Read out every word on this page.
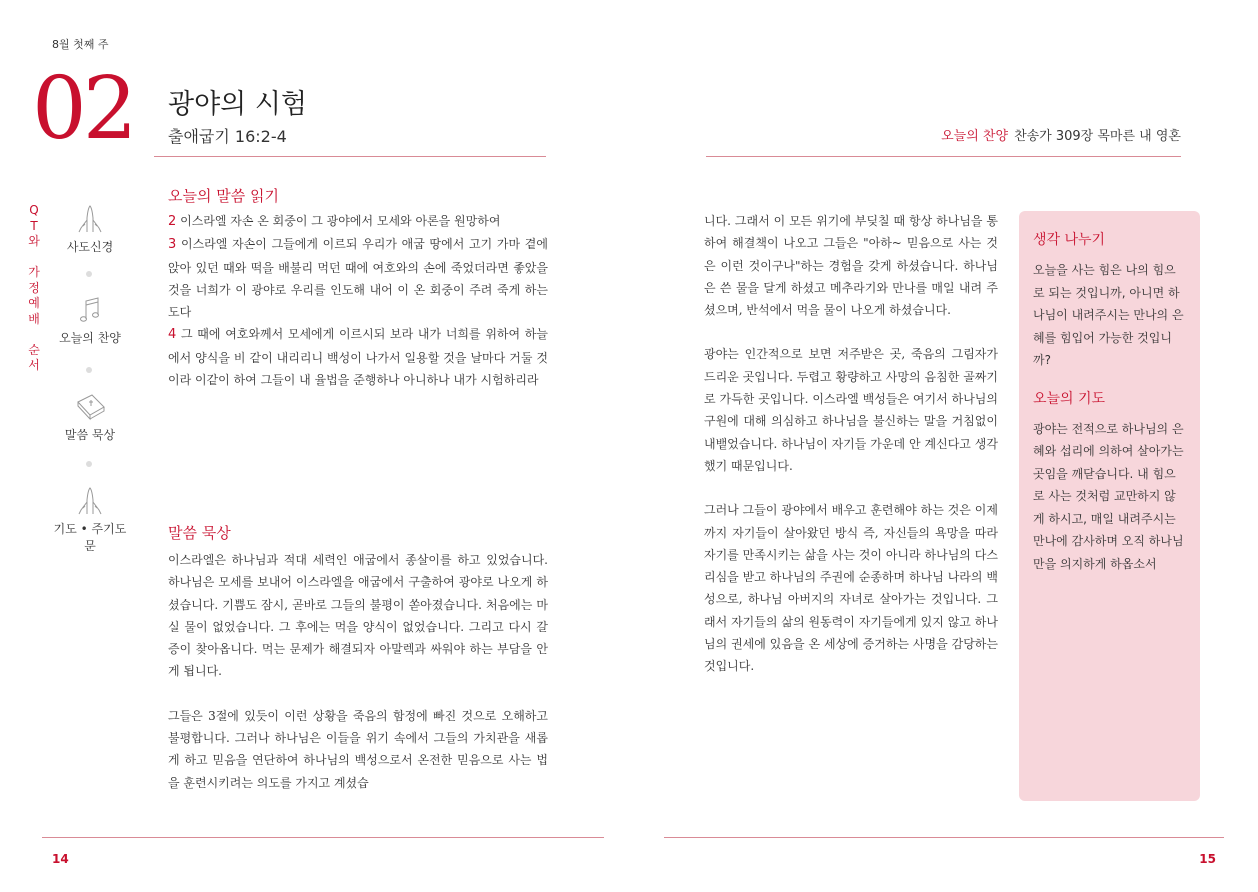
8월 첫째 주
02 광야의 시험
출애굽기 16:2-4	오늘의 찬양 찬송가 309장 목마른 내 영혼
Q
T
와
가
정
예
배
순
서
사도신경
오늘의 찬양
말씀 묵상
기도 • 주기도문
오늘의 말씀 읽기

2 이스라엘 자손 온 회중이 그 광야에서 모세와 아론을 원망하여

3 이스라엘 자손이 그들에게 이르되 우리가 애굽 땅에서 고기 가마 곁에 앉아 있던 때와 떡을 배불리 먹던 때에 여호와의 손에 죽었더라면 좋았을 것을 너희가 이 광야로 우리를 인도해 내어 이 온 회중이 주려 죽게 하는도다

4 그 때에 여호와께서 모세에게 이르시되 보라 내가 너희를 위하여 하늘에서 양식을 비 같이 내리리니 백성이 나가서 일용할 것을 날마다 거둘 것이라 이같이 하여 그들이 내 율법을 준행하나 아니하나 내가 시험하리라

말씀 묵상

이스라엘은 하나님과 적대 세력인 애굽에서 종살이를 하고 있었습니다. 하나님은 모세를 보내어 이스라엘을 애굽에서 구출하여 광야로 나오게 하셨습니다. 기쁨도 잠시, 곧바로 그들의 불평이 쏟아졌습니다. 처음에는 마실 물이 없었습니다. 그 후에는 먹을 양식이 없었습니다. 그리고 다시 갈증이 찾아옵니다. 먹는 문제가 해결되자 아말렉과 싸워야 하는 부담을 안게 됩니다.

그들은 3절에 있듯이 이런 상황을 죽음의 함정에 빠진 것으로 오해하고 불평합니다. 그러나 하나님은 이들을 위기 속에서 그들의 가치관을 새롭게 하고 믿음을 연단하여 하나님의 백성으로서 온전한 믿음으로 사는 법을 훈련시키려는 의도를 가지고 계셨습

니다. 그래서 이 모든 위기에 부딪칠 때 항상 하나님을 통하여 해결책이 나오고 그들은 "아하~ 믿음으로 사는 것은 이런 것이구나"하는 경험을 갖게 하셨습니다. 하나님은 쓴 물을 달게 하셨고 메추라기와 만나를 매일 내려 주셨으며, 반석에서 먹을 물이 나오게 하셨습니다.

광야는 인간적으로 보면 저주받은 곳, 죽음의 그림자가 드리운 곳입니다. 두렵고 황량하고 사망의 음침한 골짜기로 가득한 곳입니다. 이스라엘 백성들은 여기서 하나님의 구원에 대해 의심하고 하나님을 불신하는 말을 거침없이 내뱉었습니다. 하나님이 자기들 가운데 안 계신다고 생각했기 때문입니다.

그러나 그들이 광야에서 배우고 훈련해야 하는 것은 이제까지 자기들이 살아왔던 방식 즉, 자신들의 욕망을 따라 자기를 만족시키는 삶을 사는 것이 아니라 하나님의 다스리심을 받고 하나님의 주권에 순종하며 하나님 나라의 백성으로, 하나님 아버지의 자녀로 살아가는 것입니다. 그래서 자기들의 삶의 원동력이 자기들에게 있지 않고 하나님의 권세에 있음을 온 세상에 증거하는 사명을 감당하는 것입니다.

생각 나누기
오늘을 사는 힘은 나의 힘으로 되는 것입니까, 아니면 하나님이 내려주시는 만나의 은혜를 힘입어 가능한 것입니까?
오늘의 기도
광야는 전적으로 하나님의 은혜와 섭리에 의하여 살아가는 곳임을 깨닫습니다. 내 힘으로 사는 것처럼 교만하지 않게 하시고, 매일 내려주시는 만나에 감사하며 오직 하나님만을 의지하게 하옵소서
14	15
